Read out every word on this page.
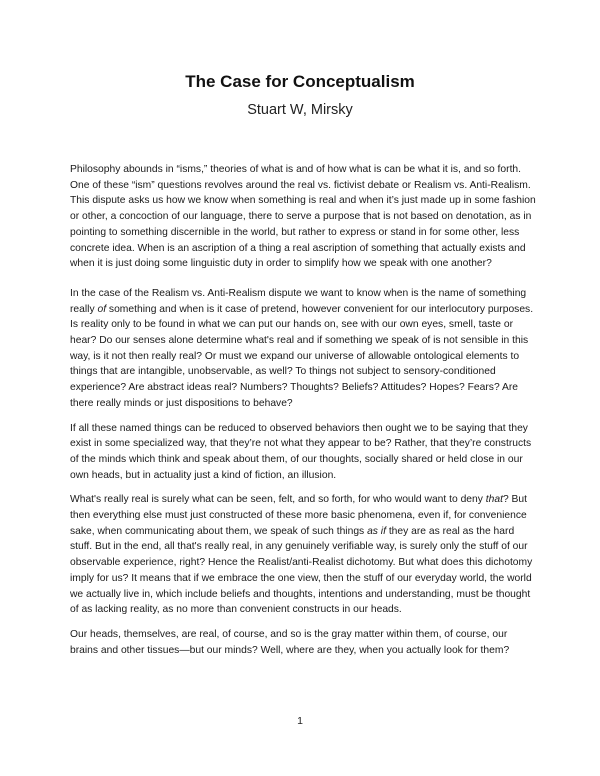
The Case for Conceptualism
Stuart W, Mirsky

Philosophy abounds in “isms,” theories of what is and of how what is can be what it is, and so forth. One of these “ism” questions revolves around the real vs. fictivist debate or Realism vs. Anti-Realism. This dispute asks us how we know when something is real and when it’s just made up in some fashion or other, a concoction of our language, there to serve a purpose that is not based on denotation, as in pointing to something discernible in the world, but rather to express or stand in for some other, less concrete idea. When is an ascription of a thing a real ascription of something that actually exists and when it is just doing some linguistic duty in order to simplify how we speak with one another?

In the case of the Realism vs. Anti-Realism dispute we want to know when is the name of something really of something and when is it case of pretend, however convenient for our interlocutory purposes. Is reality only to be found in what we can put our hands on, see with our own eyes, smell, taste or hear? Do our senses alone determine what's real and if something we speak of is not sensible in this way, is it not then really real? Or must we expand our universe of allowable ontological elements to things that are intangible, unobservable, as well? To things not subject to sensory-conditioned experience? Are abstract ideas real? Numbers? Thoughts? Beliefs? Attitudes? Hopes? Fears? Are there really minds or just dispositions to behave?

If all these named things can be reduced to observed behaviors then ought we to be saying that they exist in some specialized way, that they’re not what they appear to be? Rather, that they’re constructs of the minds which think and speak about them, of our thoughts, socially shared or held close in our own heads, but in actuality just a kind of fiction, an illusion.

What's really real is surely what can be seen, felt, and so forth, for who would want to deny that? But then everything else must just constructed of these more basic phenomena, even if, for convenience sake, when communicating about them, we speak of such things as if they are as real as the hard stuff. But in the end, all that's really real, in any genuinely verifiable way, is surely only the stuff of our observable experience, right? Hence the Realist/anti-Realist dichotomy. But what does this dichotomy imply for us? It means that if we embrace the one view, then the stuff of our everyday world, the world we actually live in, which include beliefs and thoughts, intentions and understanding, must be thought of as lacking reality, as no more than convenient constructs in our heads.

Our heads, themselves, are real, of course, and so is the gray matter within them, of course, our brains and other tissues—but our minds? Well, where are they, when you actually look for them?

1
